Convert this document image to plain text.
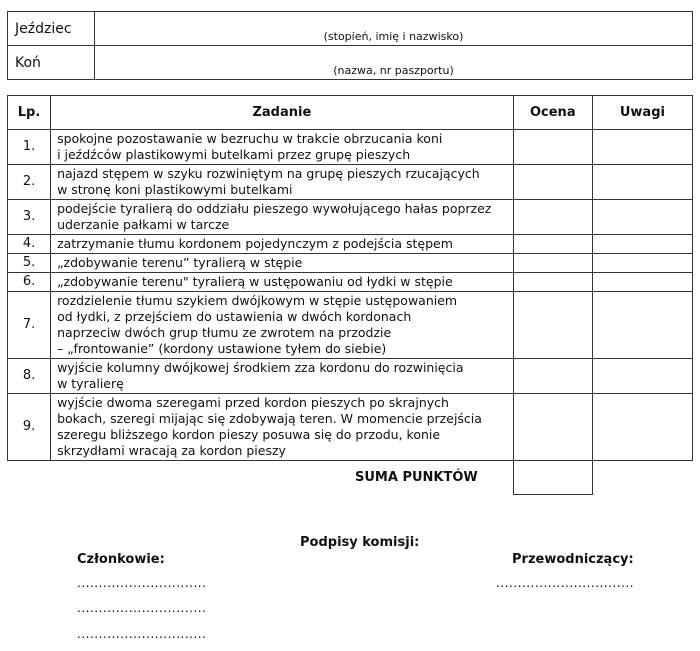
Jeździec	(stopień, imię i nazwisko)

Koń	(nazwa, nr paszportu)
Lp.	Zadanie	Ocena	Uwagi
1.	spokojne pozostawanie w bezruchu w trakcie obrzucania koni
i jeźdźców plastikowymi butelkami przez grupę pieszych		

2.	najazd stępem w szyku rozwiniętym na grupę pieszych rzucających
w stronę koni plastikowymi butelkami		

3.	podejście tyralierą do oddziału pieszego wywołującego hałas poprzez
uderzanie pałkami w tarcze		

4.	zatrzymanie tłumu kordonem pojedynczym z podejścia stępem		

5.	„zdobywanie terenu” tyralierą w stępie		

6.	„zdobywanie terenu" tyralierą w ustępowaniu od łydki w stępie		

7.	rozdzielenie tłumu szykiem dwójkowym w stępie ustępowaniem
od łydki, z przejściem do ustawienia w dwóch kordonach
naprzeciw dwóch grup tłumu ze zwrotem na przodzie
– „frontowanie” (kordony ustawione tyłem do siebie)		

8.	wyjście kolumny dwójkowej środkiem zza kordonu do rozwinięcia
w tyralierę		

9.	wyjście dwoma szeregami przed kordon pieszych po skrajnych
bokach, szeregi mijając się zdobywają teren. W momencie przejścia
szeregu bliższego kordon pieszy posuwa się do przodu, konie
skrzydłami wracają za kordon pieszy		

SUMA PUNKTÓW
Podpisy komisji:
Członkowie:	Przewodniczący:
..............................
..............................
..............................
................................
